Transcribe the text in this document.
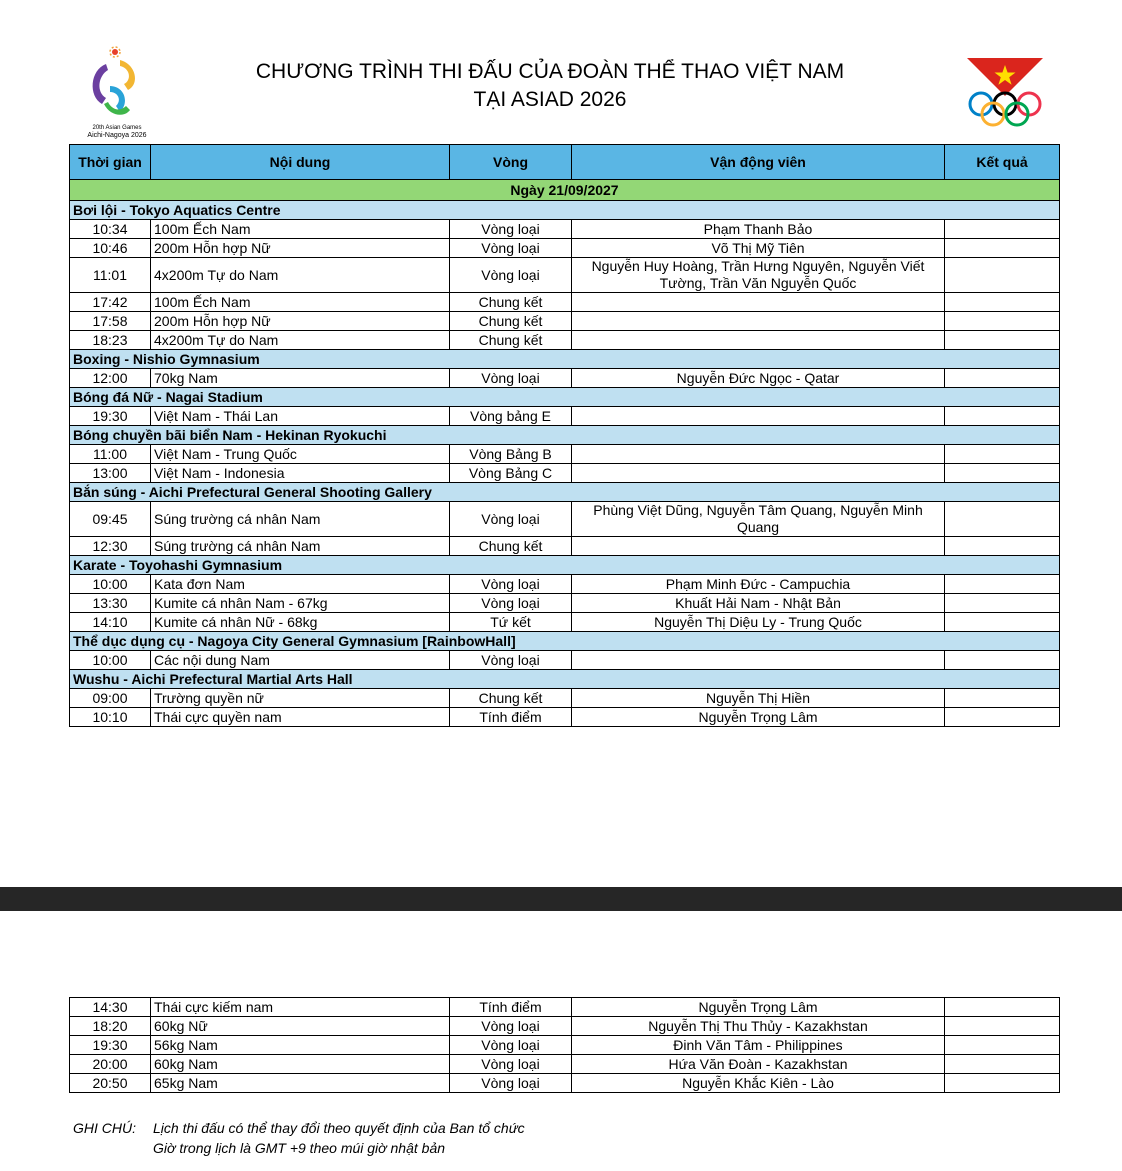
20th Asian Games
Aichi-Nagoya 2026
CHƯƠNG TRÌNH THI ĐẤU CỦA ĐOÀN THỂ THAO VIỆT NAM
TẠI ASIAD 2026
Thời gian	Nội dung	Vòng	Vận động viên	Kết quả
Ngày 21/09/2027				
Bơi lội - Tokyo Aquatics Centre				
10:34	100m Ếch Nam	Vòng loại	Phạm Thanh Bảo	
10:46	200m Hỗn hợp Nữ	Vòng loại	Võ Thị Mỹ Tiên	
11:01	4x200m Tự do Nam	Vòng loại	Nguyễn Huy Hoàng, Trần Hưng Nguyên, Nguyễn Viết Tường, Trần Văn Nguyễn Quốc	
17:42	100m Ếch Nam	Chung kết		
17:58	200m Hỗn hợp Nữ	Chung kết		
18:23	4x200m Tự do Nam	Chung kết		
Boxing - Nishio Gymnasium				
12:00	70kg Nam	Vòng loại	Nguyễn Đức Ngọc - Qatar	
Bóng đá Nữ - Nagai Stadium				
19:30	Việt Nam - Thái Lan	Vòng bảng E		
Bóng chuyền bãi biển Nam - Hekinan Ryokuchi				
11:00	Việt Nam - Trung Quốc	Vòng Bảng B		
13:00	Việt Nam - Indonesia	Vòng Bảng C		
Bắn súng - Aichi Prefectural General Shooting Gallery				
09:45	Súng trường cá nhân Nam	Vòng loại	Phùng Việt Dũng, Nguyễn Tâm Quang, Nguyễn Minh Quang	
12:30	Súng trường cá nhân Nam	Chung kết		
Karate - Toyohashi Gymnasium				
10:00	Kata đơn Nam	Vòng loại	Phạm Minh Đức - Campuchia	
13:30	Kumite cá nhân Nam - 67kg	Vòng loại	Khuất Hải Nam - Nhật Bản	
14:10	Kumite cá nhân Nữ - 68kg	Tứ kết	Nguyễn Thị Diệu Ly - Trung Quốc	
Thể dục dụng cụ - Nagoya City General Gymnasium [RainbowHall]				
10:00	Các nội dung Nam	Vòng loại		
Wushu - Aichi Prefectural Martial Arts Hall				
09:00	Trường quyền nữ	Chung kết	Nguyễn Thị Hiền	
10:10	Thái cực quyền nam	Tính điểm	Nguyễn Trọng Lâm	
14:30	Thái cực kiếm nam	Tính điểm	Nguyễn Trọng Lâm	
18:20	60kg Nữ	Vòng loại	Nguyễn Thị Thu Thủy - Kazakhstan	
19:30	56kg Nam	Vòng loại	Đinh Văn Tâm - Philippines	
20:00	60kg Nam	Vòng loại	Hứa Văn Đoàn - Kazakhstan	
20:50	65kg Nam	Vòng loại	Nguyễn Khắc Kiên - Lào	
GHI CHÚ: Lịch thi đấu có thể thay đổi theo quyết định của Ban tổ chức
Giờ trong lịch là GMT +9 theo múi giờ nhật bản
